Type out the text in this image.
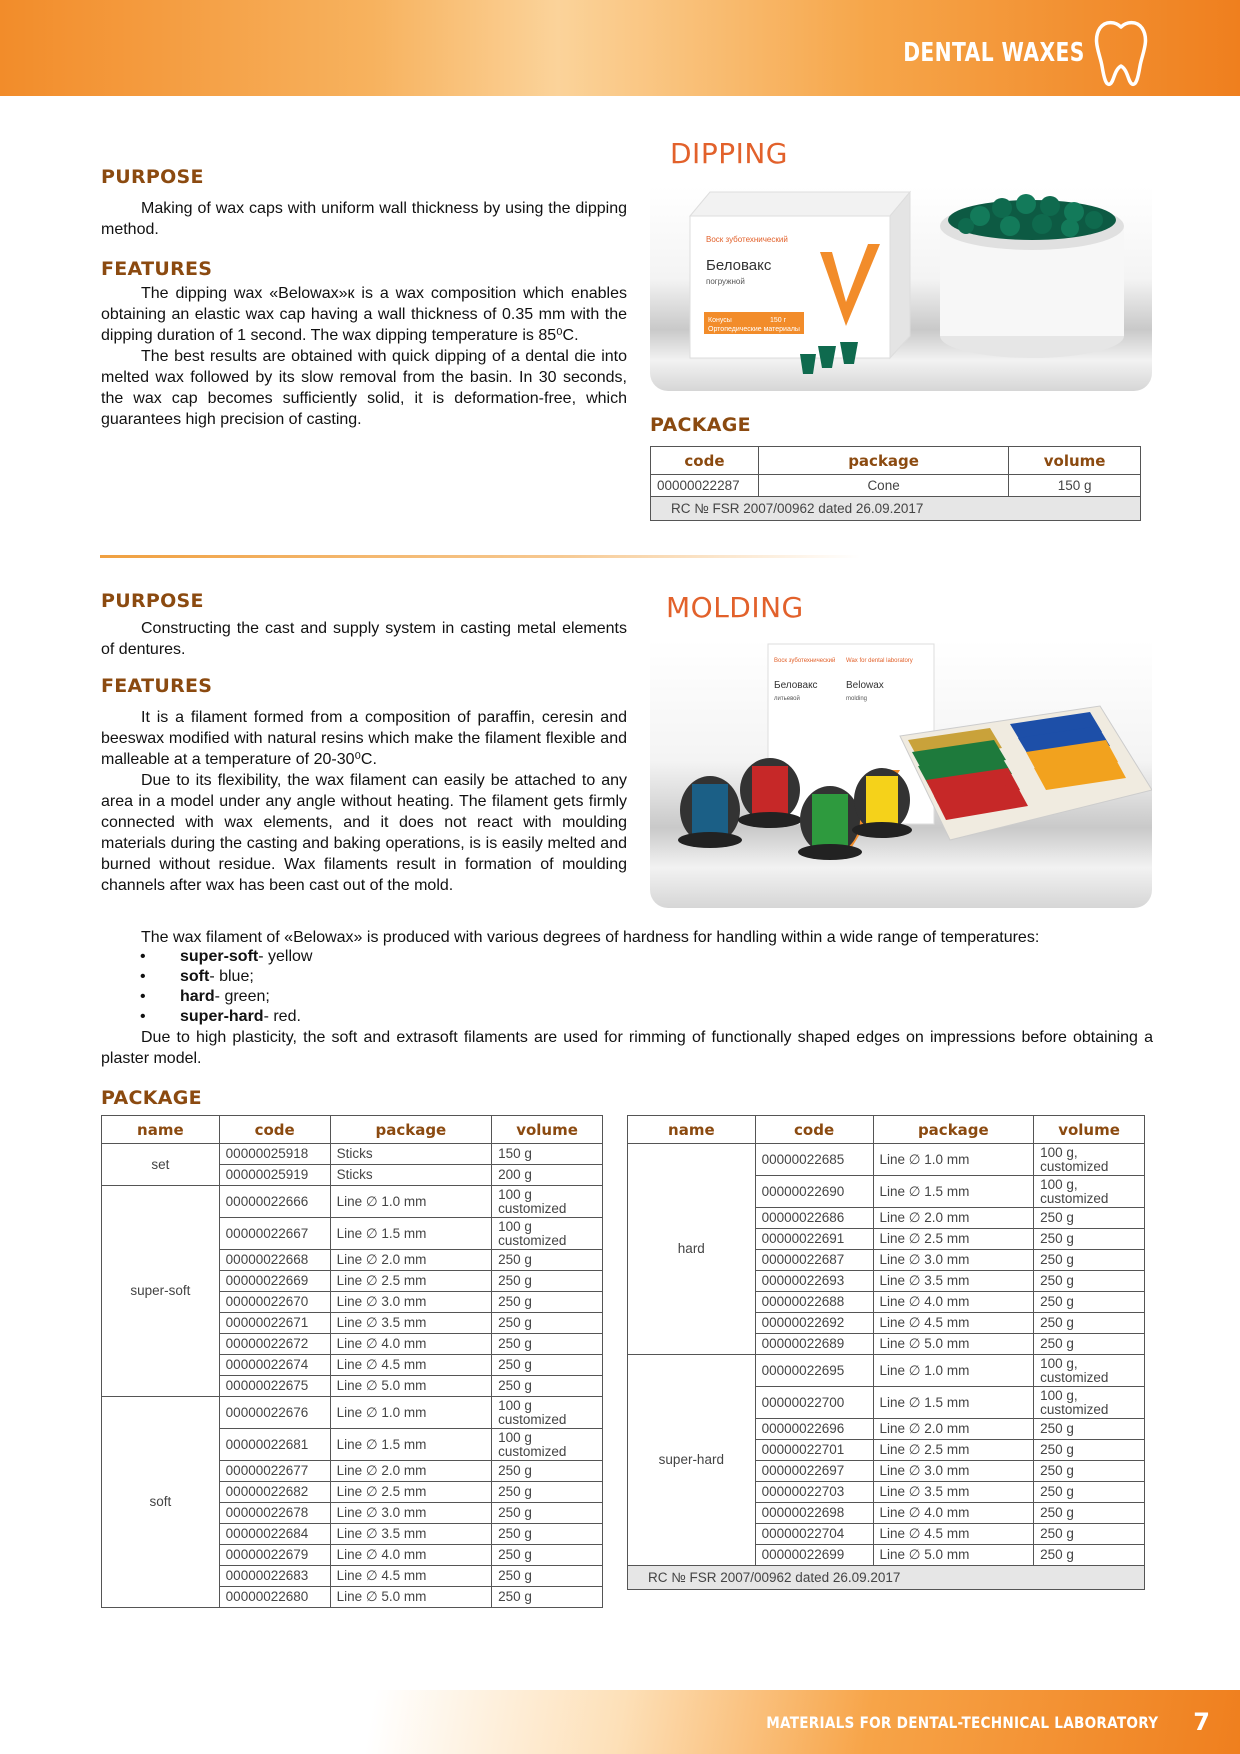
DENTAL WAXES
PURPOSE

Making of wax caps with uniform wall thickness by using the dipping method.

FEATURES

The dipping wax «Belowax»к is a wax composition which enables obtaining an elastic wax cap having a wall thickness of 0.35 mm with the dipping duration of 1 second. The wax dipping temperature is 85⁰С.

The best results are obtained with quick dipping of a dental die into melted wax followed by its slow removal from the basin. In 30 seconds, the wax cap becomes sufficiently solid, it is deformation-free, which guarantees high precision of casting.

DIPPING
Воск зуботехнический
Беловакс
погружной
Конусы
Ортопедические материалы
150 г
PACKAGE
code	package	volume
00000022287	Cone	150 g
RC № FSR 2007/00962 dated 26.09.2017		
PURPOSE

Constructing the cast and supply system in casting metal elements of dentures.

FEATURES

It is a filament formed from a composition of paraffin, ceresin and beeswax modified with natural resins which make the filament flexible and malleable at a temperature of 20-30⁰С.

Due to its flexibility, the wax filament can easily be attached to any area in a model under any angle without heating. The filament gets firmly connected with wax elements, and it does not react with moulding materials during the casting and baking operations, is is easily melted and burned without residue. Wax filaments result in formation of moulding channels after wax has been cast out of the mold.

MOLDING
Воск зуботехнический Wax for dental laboratory
Беловакс	Belowax
литьевой	molding

The wax filament of «Belowax» is produced with various degrees of hardness for handling within a wide range of temperatures:

• super-soft- yellow
• soft- blue;
• hard- green;
• super-hard- red.

Due to high plasticity, the soft and extrasoft filaments are used for rimming of functionally shaped edges on impressions before obtaining a plaster model.

PACKAGE
name	code	package	volume
set	00000025918	Sticks	150 g
	00000025919	Sticks	200 g
super-soft	00000022666	Line ∅ 1.0 mm	100 g customized
	00000022667	Line ∅ 1.5 mm	100 g customized
	00000022668	Line ∅ 2.0 mm	250 g
	00000022669	Line ∅ 2.5 mm	250 g
	00000022670	Line ∅ 3.0 mm	250 g
	00000022671	Line ∅ 3.5 mm	250 g
	00000022672	Line ∅ 4.0 mm	250 g
	00000022674	Line ∅ 4.5 mm	250 g
	00000022675	Line ∅ 5.0 mm	250 g
soft	00000022676	Line ∅ 1.0 mm	100 g customized
	00000022681	Line ∅ 1.5 mm	100 g customized
	00000022677	Line ∅ 2.0 mm	250 g
	00000022682	Line ∅ 2.5 mm	250 g
	00000022678	Line ∅ 3.0 mm	250 g
	00000022684	Line ∅ 3.5 mm	250 g
	00000022679	Line ∅ 4.0 mm	250 g
	00000022683	Line ∅ 4.5 mm	250 g
	00000022680	Line ∅ 5.0 mm	250 g
name	code	package	volume
hard	00000022685	Line ∅ 1.0 mm	100 g, customized
	00000022690	Line ∅ 1.5 mm	100 g, customized
	00000022686	Line ∅ 2.0 mm	250 g
	00000022691	Line ∅ 2.5 mm	250 g
	00000022687	Line ∅ 3.0 mm	250 g
	00000022693	Line ∅ 3.5 mm	250 g
	00000022688	Line ∅ 4.0 mm	250 g
	00000022692	Line ∅ 4.5 mm	250 g
	00000022689	Line ∅ 5.0 mm	250 g
super-hard	00000022695	Line ∅ 1.0 mm	100 g, customized
	00000022700	Line ∅ 1.5 mm	100 g, customized
	00000022696	Line ∅ 2.0 mm	250 g
	00000022701	Line ∅ 2.5 mm	250 g
	00000022697	Line ∅ 3.0 mm	250 g
	00000022703	Line ∅ 3.5 mm	250 g
	00000022698	Line ∅ 4.0 mm	250 g
	00000022704	Line ∅ 4.5 mm	250 g
	00000022699	Line ∅ 5.0 mm	250 g
RC № FSR 2007/00962 dated 26.09.2017			
MATERIALS FOR DENTAL-TECHNICAL LABORATORY 7
